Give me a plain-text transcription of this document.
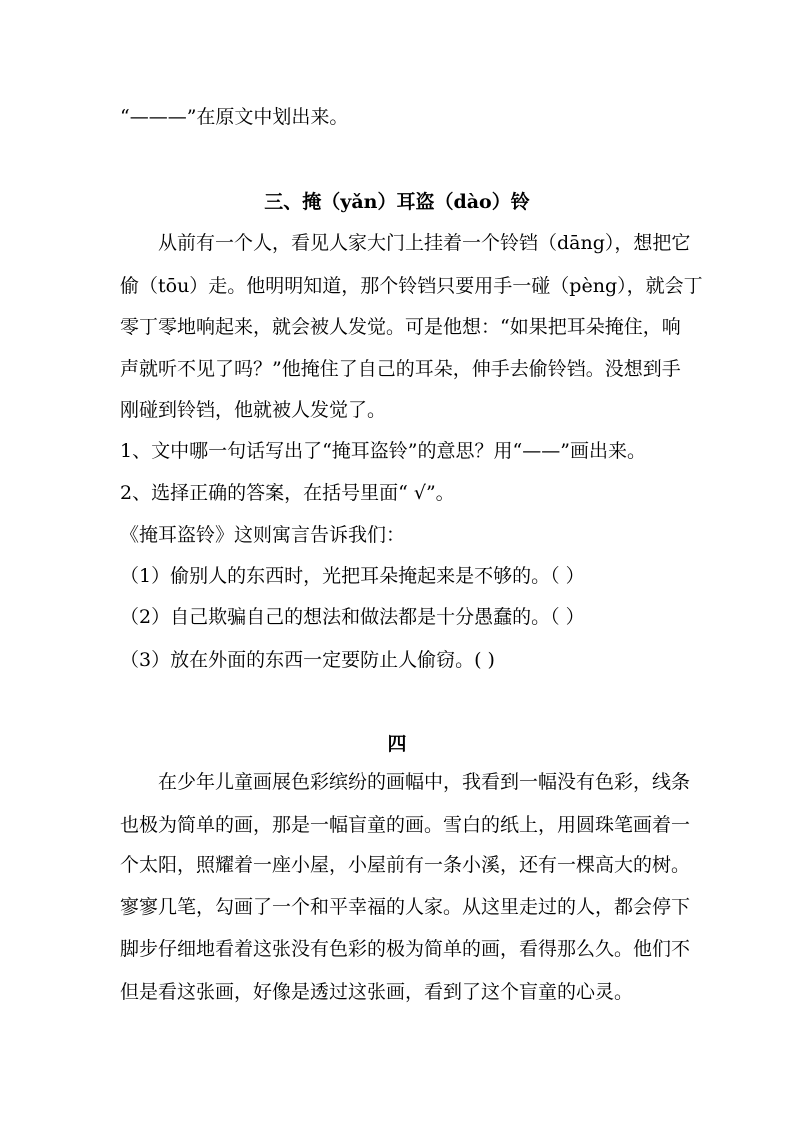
“———”在原文中划出来。
三、掩（yǎn）耳盗（dào）铃
从前有一个人，看见人家大门上挂着一个铃铛（dāng），想把它
偷（tōu）走。他明明知道，那个铃铛只要用手一碰（pèng），就会丁
零丁零地响起来，就会被人发觉。可是他想：“如果把耳朵掩住，响
声就听不见了吗？”他掩住了自己的耳朵，伸手去偷铃铛。没想到手
刚碰到铃铛，他就被人发觉了。
1、文中哪一句话写出了“掩耳盗铃”的意思？用“——”画出来。
2、选择正确的答案，在括号里面“ √”。
《掩耳盗铃》这则寓言告诉我们：
（1）偷别人的东西时，光把耳朵掩起来是不够的。（ ）
（2）自己欺骗自己的想法和做法都是十分愚蠢的。（ ）
（3）放在外面的东西一定要防止人偷窃。( )
四
在少年儿童画展色彩缤纷的画幅中，我看到一幅没有色彩，线条
也极为简单的画，那是一幅盲童的画。雪白的纸上，用圆珠笔画着一
个太阳，照耀着一座小屋，小屋前有一条小溪，还有一棵高大的树。
寥寥几笔，勾画了一个和平幸福的人家。从这里走过的人，都会停下
脚步仔细地看着这张没有色彩的极为简单的画，看得那么久。他们不
但是看这张画，好像是透过这张画，看到了这个盲童的心灵。
